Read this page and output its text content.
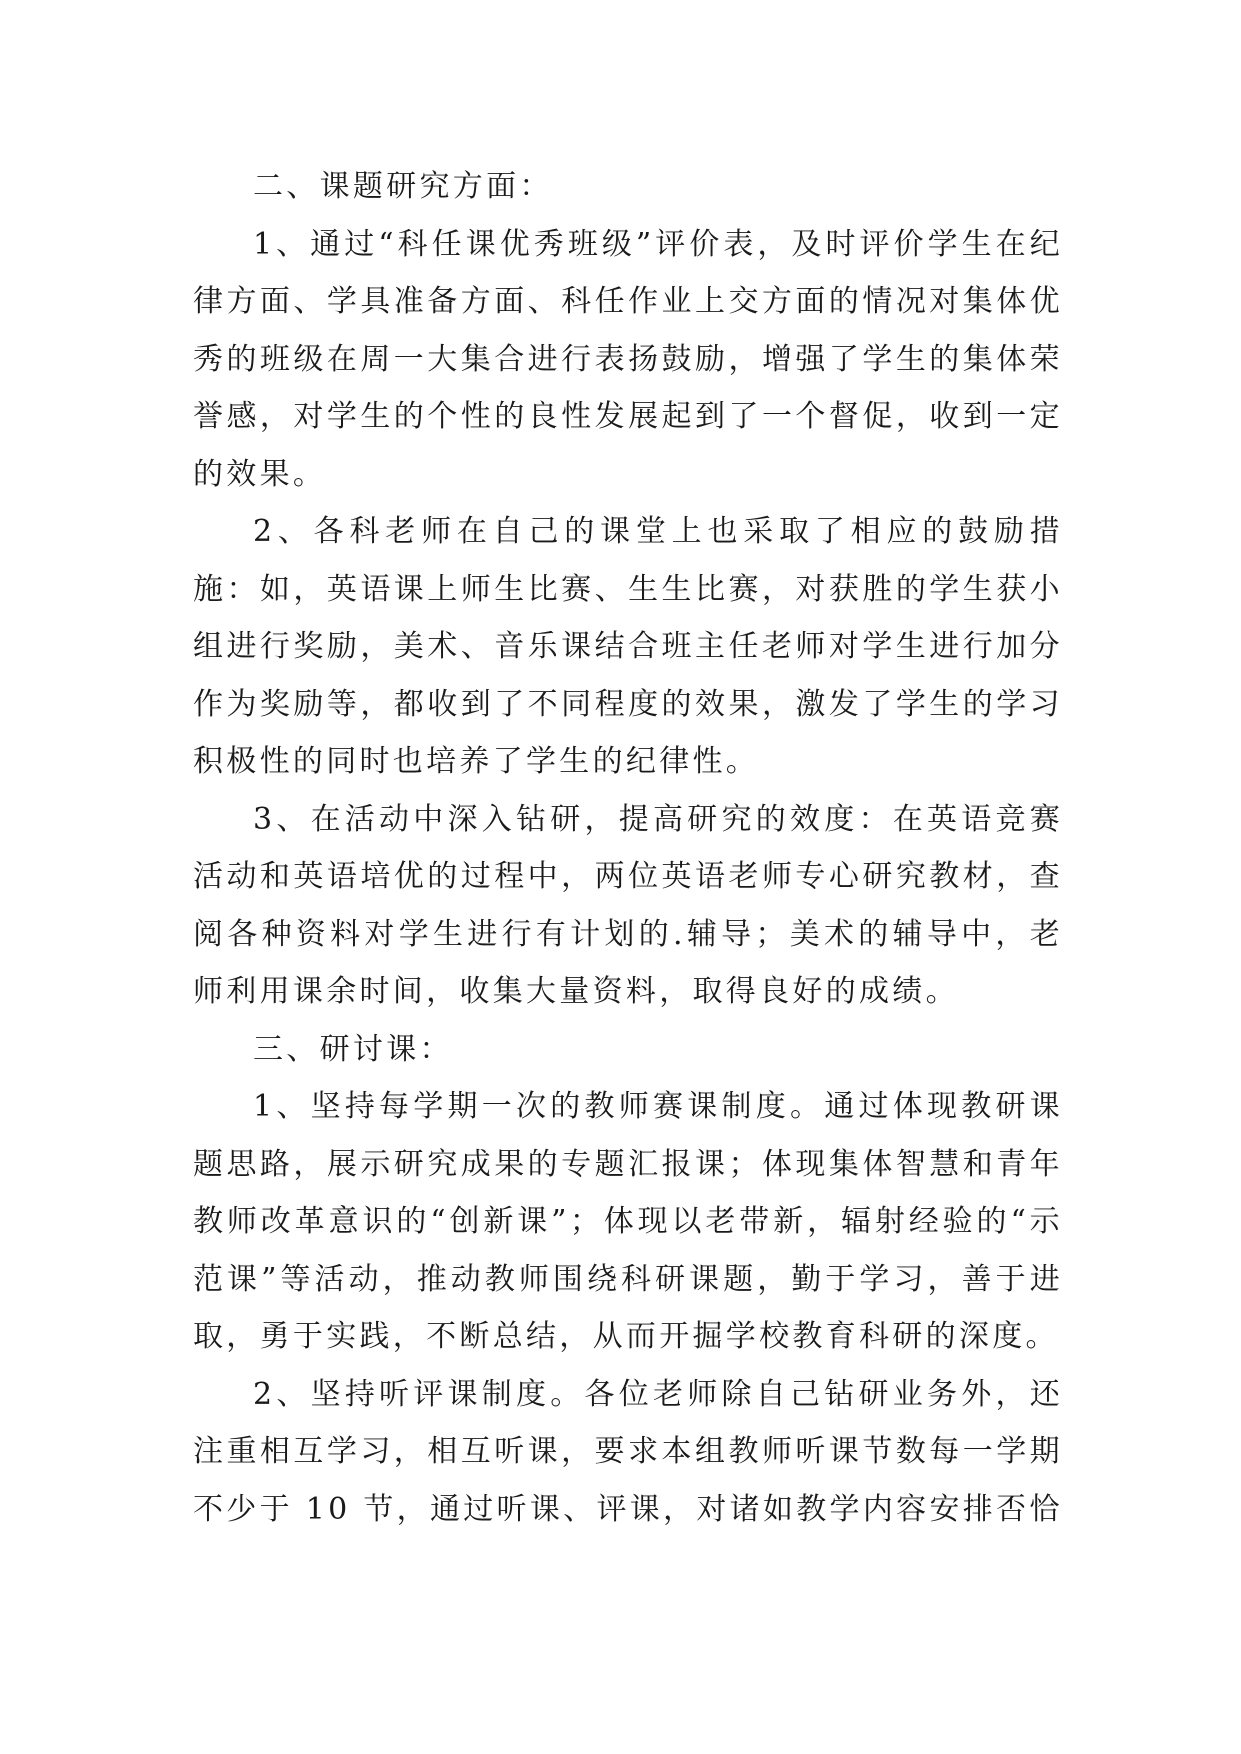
二、课题研究方面：

1、通过“科任课优秀班级”评价表，及时评价学生在纪律方面、学具准备方面、科任作业上交方面的情况对集体优秀的班级在周一大集合进行表扬鼓励，增强了学生的集体荣誉感，对学生的个性的良性发展起到了一个督促，收到一定的效果。

2、各科老师在自己的课堂上也采取了相应的鼓励措施：如，英语课上师生比赛、生生比赛，对获胜的学生获小组进行奖励，美术、音乐课结合班主任老师对学生进行加分作为奖励等，都收到了不同程度的效果，激发了学生的学习积极性的同时也培养了学生的纪律性。

3、在活动中深入钻研，提高研究的效度：在英语竞赛活动和英语培优的过程中，两位英语老师专心研究教材，查阅各种资料对学生进行有计划的.辅导；美术的辅导中，老师利用课余时间，收集大量资料，取得良好的成绩。

三、研讨课：

1、坚持每学期一次的教师赛课制度。通过体现教研课题思路，展示研究成果的专题汇报课；体现集体智慧和青年教师改革意识的“创新课”；体现以老带新，辐射经验的“示范课”等活动，推动教师围绕科研课题，勤于学习，善于进取，勇于实践，不断总结，从而开掘学校教育科研的深度。

2、坚持听评课制度。各位老师除自己钻研业务外，还注重相互学习，相互听课，要求本组教师听课节数每一学期不少于 10 节，通过听课、评课，对诸如教学内容安排否恰
